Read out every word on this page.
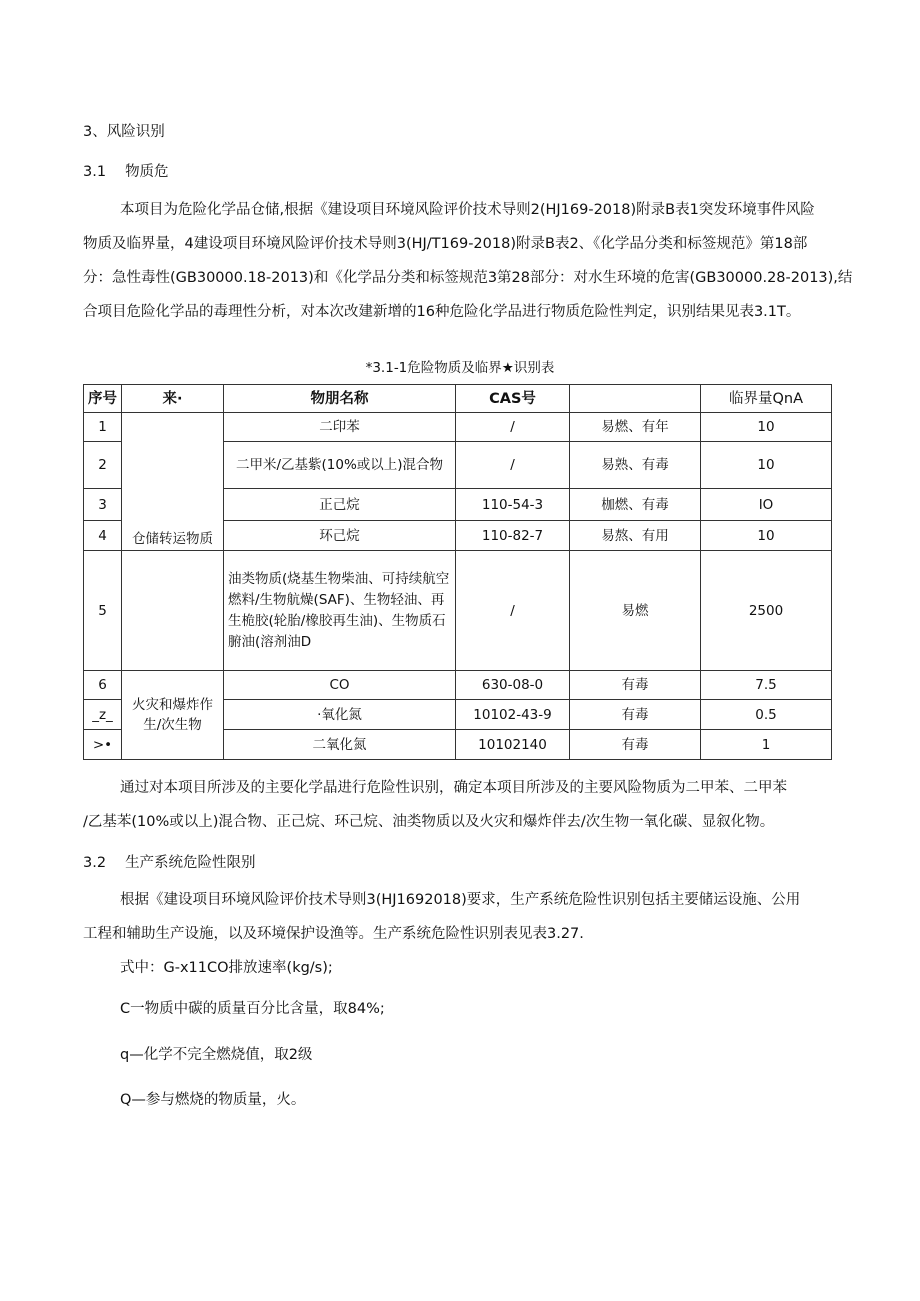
3、风险识别
3.1 物质危
本项目为危险化学品仓储,根据《建设项目环境风险评价技术导则2(HJ169-2018)附录B表1突发环境事件风险
物质及临界量，4建设项目环境风险评价技术导则3(HJ/T169-2018)附录B表2、《化学品分类和标签规范》第18部
分：急性毒性(GB30000.18-2013)和《化学品分类和标签规范3第28部分：对水生环境的危害(GB30000.28-2013),结
合项目危险化学品的毒理性分析，对本次改建新增的16种危险化学品进行物质危险性判定，识别结果见表3.1T。
*3.1-1危险物质及临界★识别表
序号	来·	物朋名称	CAS号		临界量QnA
1	仓储转运物质	二印苯	/	易燃、有年	10
2		二甲米/乙基紫(10%或以上)混合物	/	易熟、有毒	10
3		正己烷	110-54-3	枷燃、有毒	IO
4		环己烷	110-82-7	易熬、有用	10
5		油类物质(烧基生物柴油、可持续航空燃料/生物航燥(SAF)、生物轻油、再生桅胶(轮胎/橡胶再生油)、生物质石腑油(溶剂油D	/	易燃	2500
6	火灾和爆炸作生/次生物	CO	630-08-0	有毒	7.5
_z_		·氧化氮	10102-43-9	有毒	0.5
>•		二氧化氮	10102140	有毒	1
通过对本项目所涉及的主要化学晶进行危险性识别，确定本项目所涉及的主要风险物质为二甲苯、二甲苯
/乙基苯(10%或以上)混合物、正己烷、环己烷、油类物质以及火灾和爆炸伴去/次生物一氧化碳、显叙化物。
3.2 生产系统危险性限别
根据《建设项目环境风险评价技术导则3(HJ1692018)要求，生产系统危险性识别包括主要储运设施、公用
工程和辅助生产设施，以及环境保护设渔等。生产系统危险性识别表见表3.27.
式中：G-x11CO排放速率(kg/s);
C一物质中碳的质量百分比含量，取84%;
q—化学不完全燃烧值，取2级
Q—参与燃烧的物质量，火。
